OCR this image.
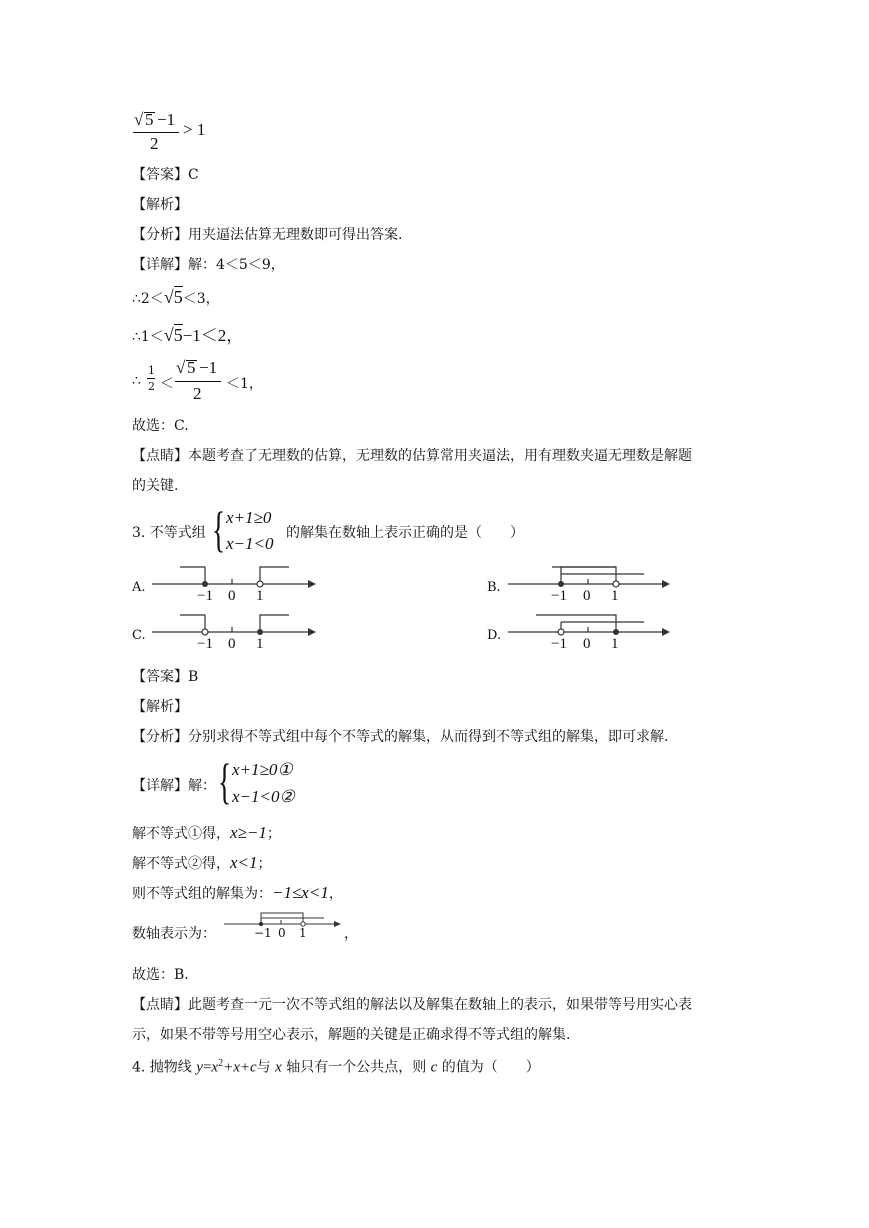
√ 5 −1
2
> 1
【答案】C
【解析】
【分析】用夹逼法估算无理数即可得出答案.
【详解】解：4＜5＜9，
∴2＜√5＜3，
∴1＜√5−1＜2，
∴
1
2 ＜
√ 5 −1
2 ＜1，
故选：C.
【点睛】本题考查了无理数的估算，无理数的估算常用夹逼法，用有理数夹逼无理数是解题
的关键.
3. 不等式组 { x+1≥0
x−1<0
的解集在数轴上表示正确的是（　　）
A.
−1 0 1
B.
−1 0 1
C.
−1 0 1
D.
−1 0 1
【答案】B
【解析】
【分析】分别求得不等式组中每个不等式的解集，从而得到不等式组的解集，即可求解.
【详解】解： { x+1≥0①
x−1<0②
解不等式①得，x≥−1；
解不等式②得，x<1；
则不等式组的解集为：−1≤x<1，
数轴表示为：	−1 0 1	，
故选：B.
【点睛】此题考查一元一次不等式组的解法以及解集在数轴上的表示，如果带等号用实心表
示，如果不带等号用空心表示，解题的关键是正确求得不等式组的解集.
4. 抛物线 $y=x^2+x+c$与 x 轴只有一个公共点，则 c 的值为（　　）
